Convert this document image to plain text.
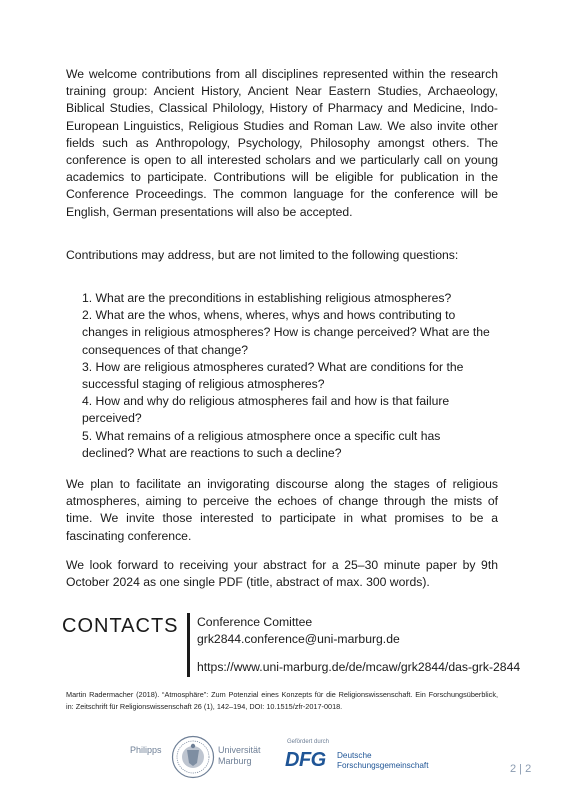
We welcome contributions from all disciplines represented within the research training group: Ancient History, Ancient Near Eastern Studies, Archaeology, Biblical Studies, Classical Philology, History of Pharmacy and Medicine, Indo-European Linguistics, Religious Studies and Roman Law. We also invite other fields such as Anthropology, Psychology, Philosophy amongst others. The conference is open to all interested scholars and we particularly call on young academics to participate. Contributions will be eligible for publication in the Conference Proceedings. The common language for the conference will be English, German presentations will also be accepted.

Contributions may address, but are not limited to the following questions:

1. What are the preconditions in establishing religious atmospheres?
2. What are the whos, whens, wheres, whys and hows contributing to changes in religious atmospheres? How is change perceived? What are the consequences of that change?
3. How are religious atmospheres curated? What are conditions for the successful staging of religious atmospheres?
4. How and why do religious atmospheres fail and how is that failure perceived?
5. What remains of a religious atmosphere once a specific cult has declined? What are reactions to such a decline?

We plan to facilitate an invigorating discourse along the stages of religious atmospheres, aiming to perceive the echoes of change through the mists of time. We invite those interested to participate in what promises to be a fascinating conference.

We look forward to receiving your abstract for a 25–30 minute paper by 9th October 2024 as one single PDF (title, abstract of max. 300 words).

CONTACTS Conference Comittee
grk2844.conference@uni-marburg.de
https://www.uni-marburg.de/de/mcaw/grk2844/das-grk-2844
Martin Radermacher (2018). “Atmosphäre”: Zum Potenzial eines Konzepts für die Religionswissenschaft. Ein Forschungsüberblick, in: Zeitschrift für Religionswissenschaft 26 (1), 142–194, DOI: 10.1515/zfr-2017-0018.
Philipps	Universität
Marburg
Gefördert durch
DFG Deutsche
Forschungsgemeinschaft	2 | 2
